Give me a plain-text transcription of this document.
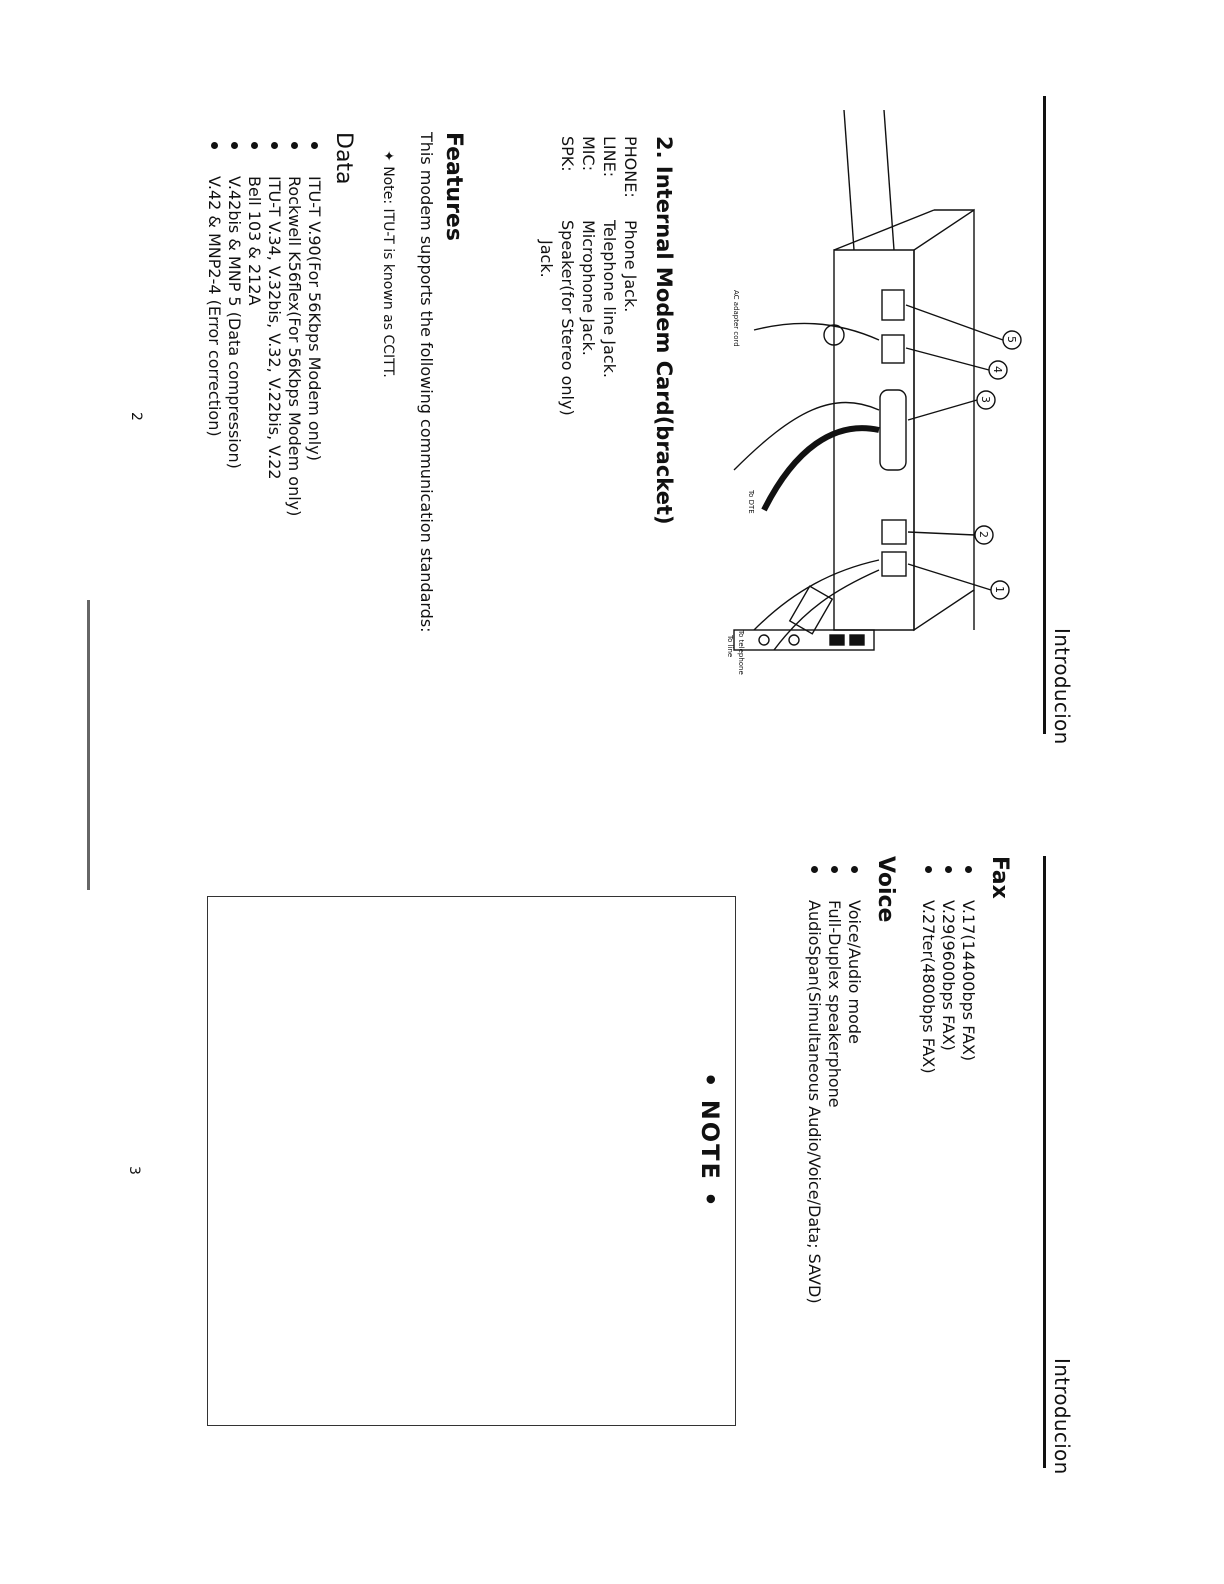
Introducion
5
4
3
2
1
To telephone
To line
To DTE
AC adapter cord
2. Internal Modem Card(bracket)
PHONE:
LINE:
MIC:
SPK:
Phone Jack.
Telephone line Jack.
Microphone Jack.
Speaker(for Stereo only)
Jack.
Features
This modem supports the following communication standards:
✦ Note: ITU-T is known as CCITT.
Data
ITU-T V.90(For 56Kbps Modem only)
Rockwell K56flex(For 56Kbps Modem only)
ITU-T V.34, V.32bis, V.32, V.22bis, V.22
Bell 103 & 212A
V.42bis & MNP 5 (Data compression)
V.42 & MNP2-4 (Error correction)
2
Introducion
Fax
V.17(14400bps FAX)
V.29(9600bps FAX)
V.27ter(4800bps FAX)
Voice
Voice/Audio mode
Full-Duplex speakerphone
AudioSpan(Simultaneous Audio/Voice/Data; SAVD)
• NOTE •
3
